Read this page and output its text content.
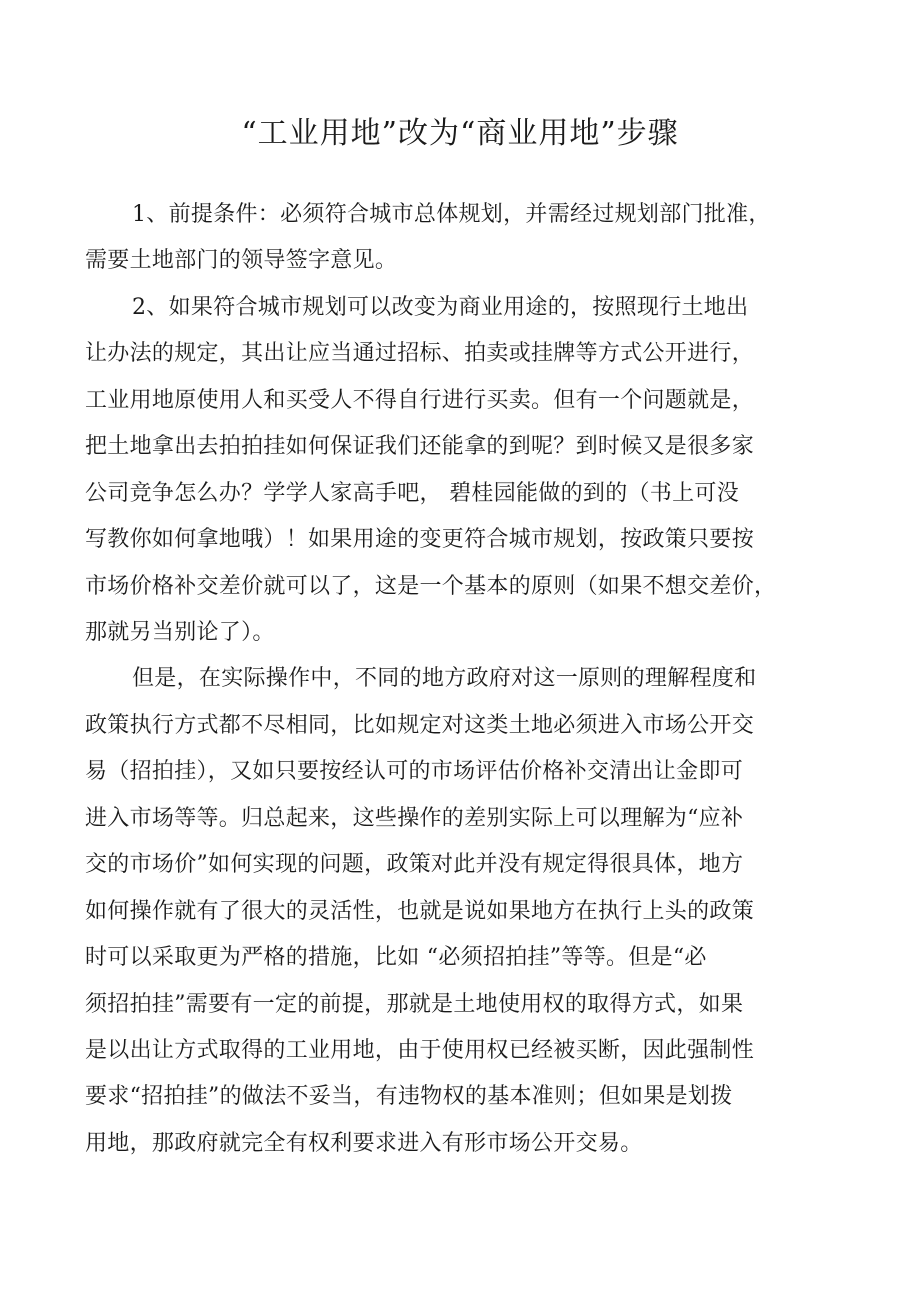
“工业用地”改为“商业用地”步骤
1、前提条件：必须符合城市总体规划，并需经过规划部门批准，
需要土地部门的领导签字意见。
2、如果符合城市规划可以改变为商业用途的，按照现行土地出
让办法的规定，其出让应当通过招标、拍卖或挂牌等方式公开进行，
工业用地原使用人和买受人不得自行进行买卖。但有一个问题就是，
把土地拿出去拍拍挂如何保证我们还能拿的到呢？到时候又是很多家
公司竞争怎么办？学学人家高手吧， 碧桂园能做的到的（书上可没
写教你如何拿地哦）！如果用途的变更符合城市规划，按政策只要按
市场价格补交差价就可以了，这是一个基本的原则（如果不想交差价，
那就另当别论了）。
但是，在实际操作中，不同的地方政府对这一原则的理解程度和
政策执行方式都不尽相同，比如规定对这类土地必须进入市场公开交
易（招拍挂），又如只要按经认可的市场评估价格补交清出让金即可
进入市场等等。归总起来，这些操作的差别实际上可以理解为“应补
交的市场价”如何实现的问题，政策对此并没有规定得很具体，地方
如何操作就有了很大的灵活性，也就是说如果地方在执行上头的政策
时可以采取更为严格的措施，比如 “必须招拍挂”等等。但是“必
须招拍挂”需要有一定的前提，那就是土地使用权的取得方式，如果
是以出让方式取得的工业用地，由于使用权已经被买断，因此强制性
要求“招拍挂”的做法不妥当，有违物权的基本准则；但如果是划拨
用地，那政府就完全有权利要求进入有形市场公开交易。
